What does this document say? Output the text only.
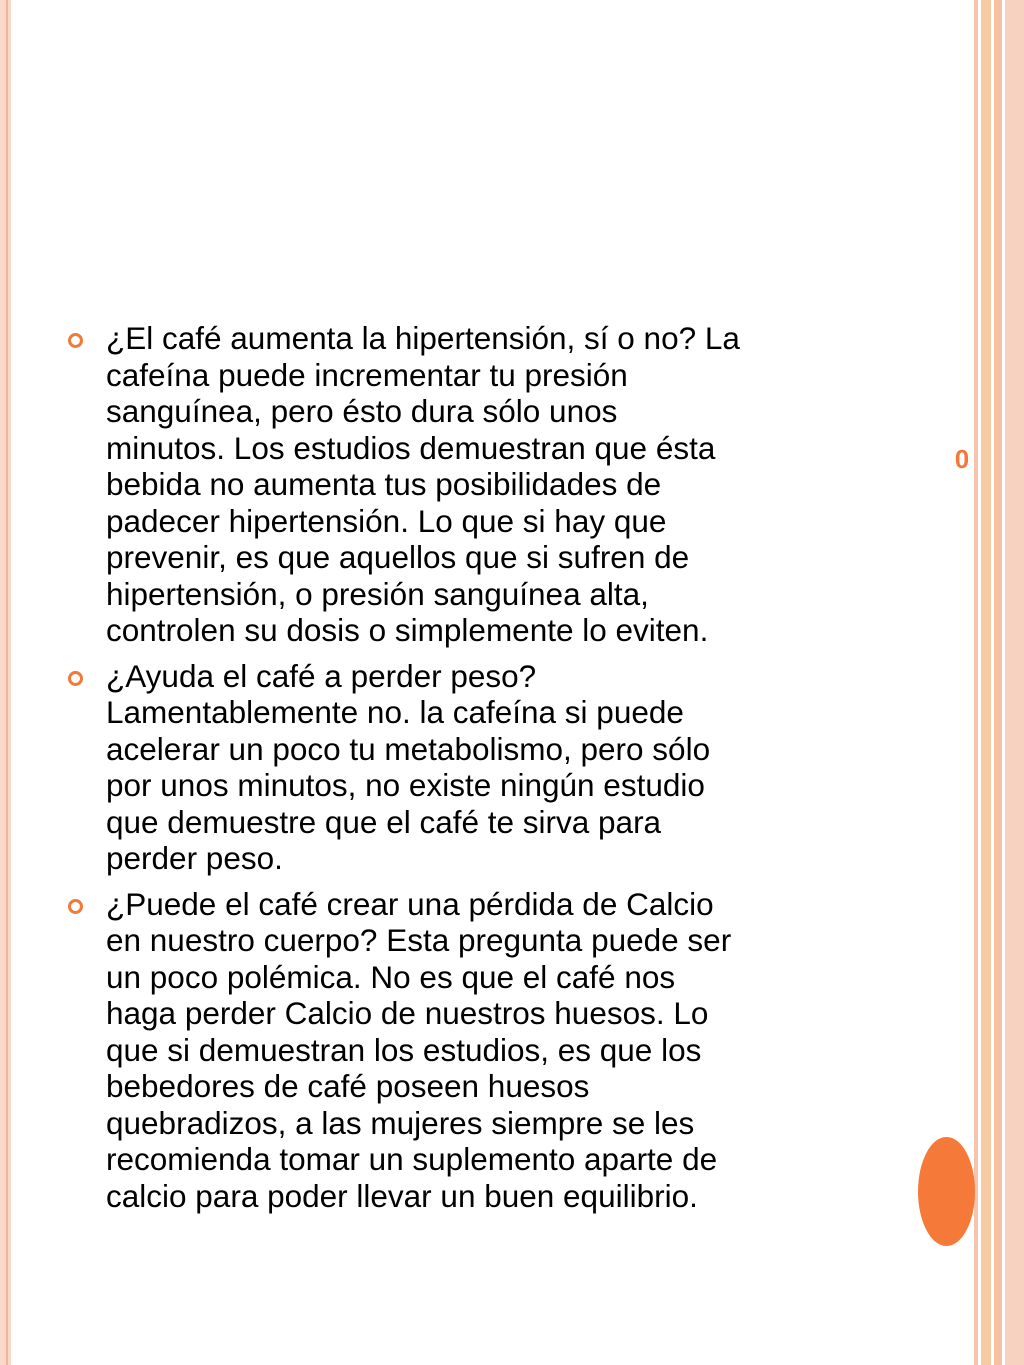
0
¿El café aumenta la hipertensión, sí o no? La
cafeína puede incrementar tu presión
sanguínea, pero ésto dura sólo unos
minutos. Los estudios demuestran que ésta
bebida no aumenta tus posibilidades de
padecer hipertensión. Lo que si hay que
prevenir, es que aquellos que si sufren de
hipertensión, o presión sanguínea alta,
controlen su dosis o simplemente lo eviten.
¿Ayuda el café a perder peso?
Lamentablemente no. la cafeína si puede
acelerar un poco tu metabolismo, pero sólo
por unos minutos, no existe ningún estudio
que demuestre que el café te sirva para
perder peso.
¿Puede el café crear una pérdida de Calcio
en nuestro cuerpo? Esta pregunta puede ser
un poco polémica. No es que el café nos
haga perder Calcio de nuestros huesos. Lo
que si demuestran los estudios, es que los
bebedores de café poseen huesos
quebradizos, a las mujeres siempre se les
recomienda tomar un suplemento aparte de
calcio para poder llevar un buen equilibrio.
